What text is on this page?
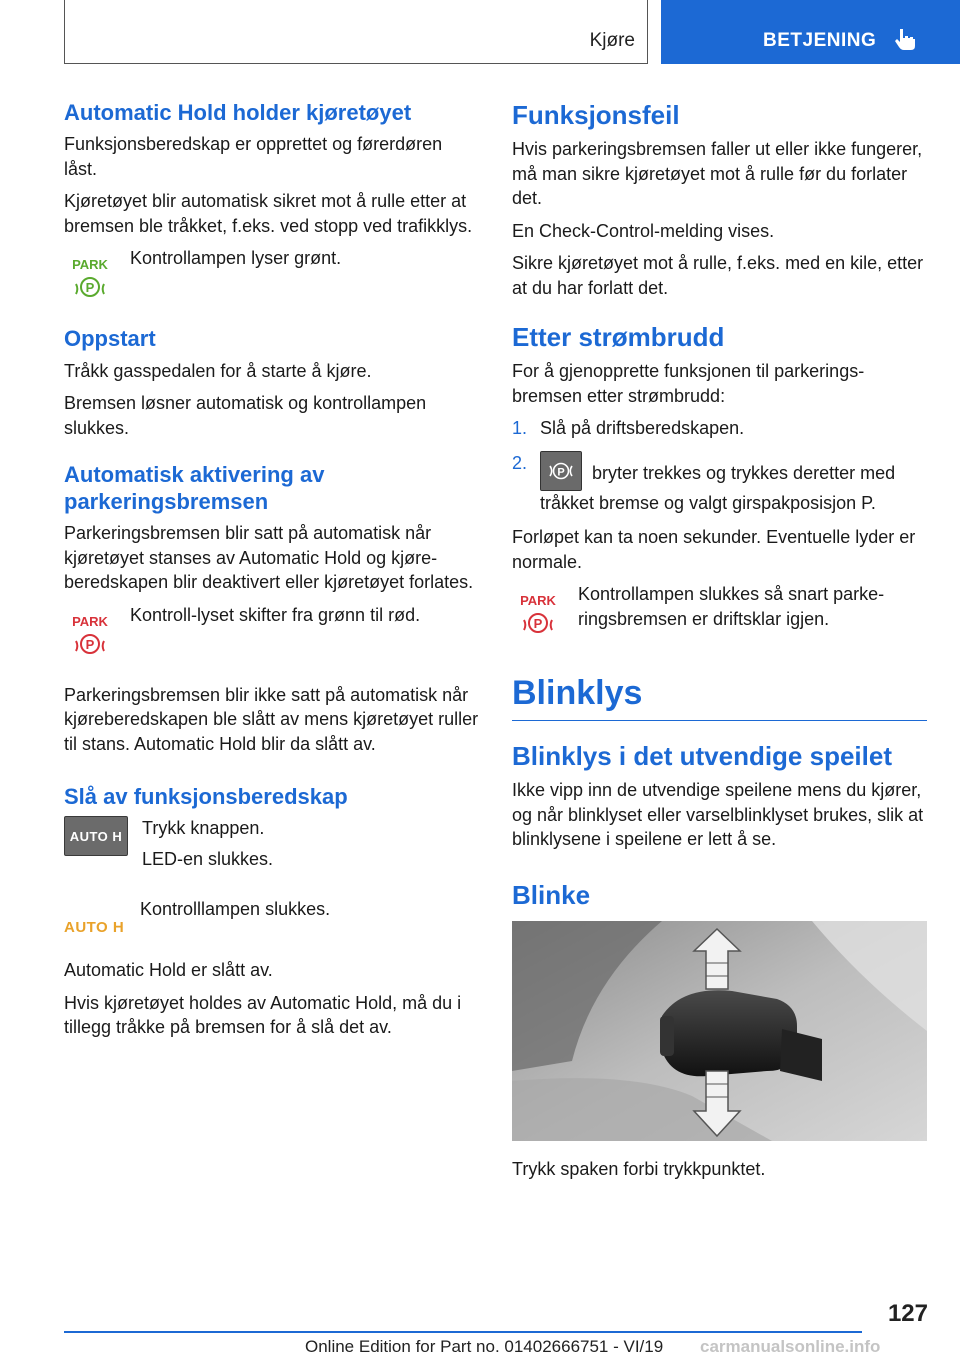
Kjøre	BETJENING
Automatic Hold holder kjøretøyet

Funksjonsberedskap er opprettet og førerdøren låst.

Kjøretøyet blir automatisk sikret mot å rulle etter at bremsen ble tråkket, f.eks. ved stopp ved trafikklys.

PARK
P

Kontrollampen lyser grønt.

Oppstart

Tråkk gasspedalen for å starte å kjøre.

Bremsen løsner automatisk og kontrollampen slukkes.

Automatisk aktivering av parkeringsbremsen

Parkeringsbremsen blir satt på automatisk når kjøretøyet stanses av Automatic Hold og kjøreberedskapen blir deaktivert eller kjøretøyet forlates.

PARK
P

Kontroll-lyset skifter fra grønn til rød.

Parkeringsbremsen blir ikke satt på automatisk når kjøreberedskapen ble slått av mens kjøretøyet ruller til stans. Automatic Hold blir da slått av.

Slå av funksjonsberedskap
AUTO H	Trykk knappen.

LED-en slukkes.

AUTO H

Kontrolllampen slukkes.

Automatic Hold er slått av.

Hvis kjøretøyet holdes av Automatic Hold, må du i tillegg tråkke på bremsen for å slå det av.

Funksjonsfeil

Hvis parkeringsbremsen faller ut eller ikke fungerer, må man sikre kjøretøyet mot å rulle før du forlater det.

En Check-Control-melding vises.

Sikre kjøretøyet mot å rulle, f.eks. med en kile, etter at du har forlatt det.

Etter strømbrudd

For å gjenopprette funksjonen til parkeringsbremsen etter strømbrudd:

1. Slå på driftsberedskapen.
2.	P bryter trekkes og trykkes deretter med tråkket bremse og valgt girspakposisjon P.

Forløpet kan ta noen sekunder. Eventuelle lyder er normale.

PARK
P

Kontrollampen slukkes så snart parkeringsbremsen er driftsklar igjen.

Blinklys
Blinklys i det utvendige speilet

Ikke vipp inn de utvendige speilene mens du kjører, og når blinklyset eller varselblinklyset brukes, slik at blinklysene i speilene er lett å se.

Blinke

Trykk spaken forbi trykkpunktet.

127
Online Edition for Part no. 01402666751 - VI/19 carmanualsonline.info
